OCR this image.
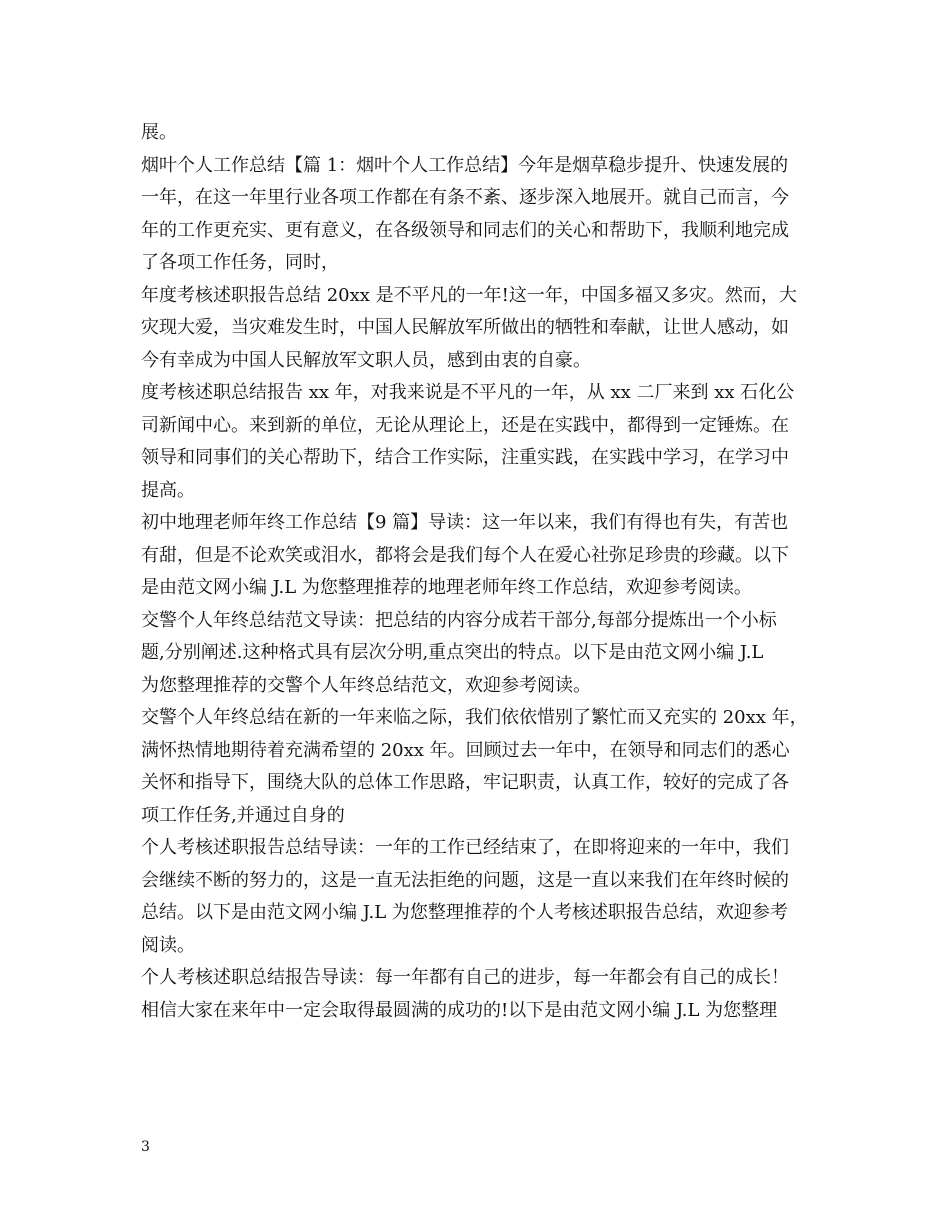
展。
烟叶个人工作总结【篇 1：烟叶个人工作总结】今年是烟草稳步提升、快速发展的
一年，在这一年里行业各项工作都在有条不紊、逐步深入地展开。就自己而言，今
年的工作更充实、更有意义，在各级领导和同志们的关心和帮助下，我顺利地完成
了各项工作任务，同时，
年度考核述职报告总结 20xx 是不平凡的一年!这一年，中国多福又多灾。然而，大
灾现大爱，当灾难发生时，中国人民解放军所做出的牺牲和奉献，让世人感动，如
今有幸成为中国人民解放军文职人员，感到由衷的自豪。
度考核述职总结报告 xx 年，对我来说是不平凡的一年，从 xx 二厂来到 xx 石化公
司新闻中心。来到新的单位，无论从理论上，还是在实践中，都得到一定锤炼。在
领导和同事们的关心帮助下，结合工作实际，注重实践，在实践中学习，在学习中
提高。
初中地理老师年终工作总结【9 篇】导读：这一年以来，我们有得也有失，有苦也
有甜，但是不论欢笑或泪水，都将会是我们每个人在爱心社弥足珍贵的珍藏。以下
是由范文网小编 J.L 为您整理推荐的地理老师年终工作总结，欢迎参考阅读。
交警个人年终总结范文导读：把总结的内容分成若干部分,每部分提炼出一个小标
题,分别阐述.这种格式具有层次分明,重点突出的特点。以下是由范文网小编 J.L
为您整理推荐的交警个人年终总结范文，欢迎参考阅读。
交警个人年终总结在新的一年来临之际，我们依依惜别了繁忙而又充实的 20xx 年，
满怀热情地期待着充满希望的 20xx 年。回顾过去一年中，在领导和同志们的悉心
关怀和指导下，围绕大队的总体工作思路，牢记职责，认真工作，较好的完成了各
项工作任务,并通过自身的
个人考核述职报告总结导读：一年的工作已经结束了，在即将迎来的一年中，我们
会继续不断的努力的，这是一直无法拒绝的问题，这是一直以来我们在年终时候的
总结。以下是由范文网小编 J.L 为您整理推荐的个人考核述职报告总结，欢迎参考
阅读。
个人考核述职总结报告导读：每一年都有自己的进步，每一年都会有自己的成长！
相信大家在来年中一定会取得最圆满的成功的!以下是由范文网小编 J.L 为您整理
3
